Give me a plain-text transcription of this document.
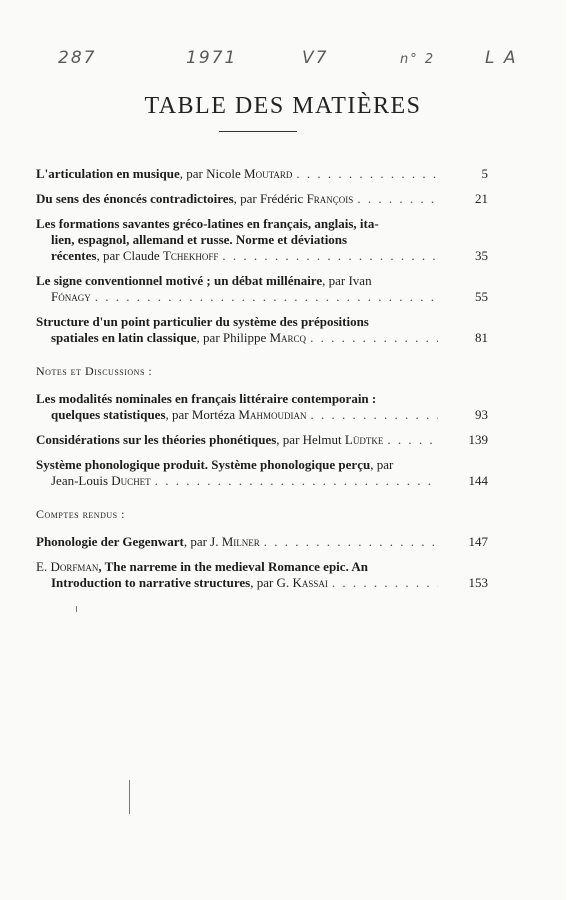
287	1971	V7	n° 2	L A
TABLE DES MATIÈRES
L'articulation en musique, par Nicole Moutard . . .	5
Du sens des énoncés contradictoires, par Frédéric François . . .	21
Les formations savantes gréco-latines en français, anglais, ita-
lien, espagnol, allemand et russe. Norme et déviations
récentes, par Claude Tchekhoff . . .	35
Le signe conventionnel motivé ; un débat millénaire, par Ivan
Fónagy . . .	55
Structure d'un point particulier du système des prépositions
spatiales en latin classique, par Philippe Marcq . . .	81
Notes et Discussions :
Les modalités nominales en français littéraire contemporain :
quelques statistiques, par Mortéza Mahmoudian . . .	93
Considérations sur les théories phonétiques, par Helmut Lüdtke . . .	139
Système phonologique produit. Système phonologique perçu, par
Jean-Louis Duchet . . .	144
Comptes rendus :
Phonologie der Gegenwart, par J. Milner . . .	147
E. Dorfman, The narreme in the medieval Romance epic. An
Introduction to narrative structures, par G. Kassai . . .	153
